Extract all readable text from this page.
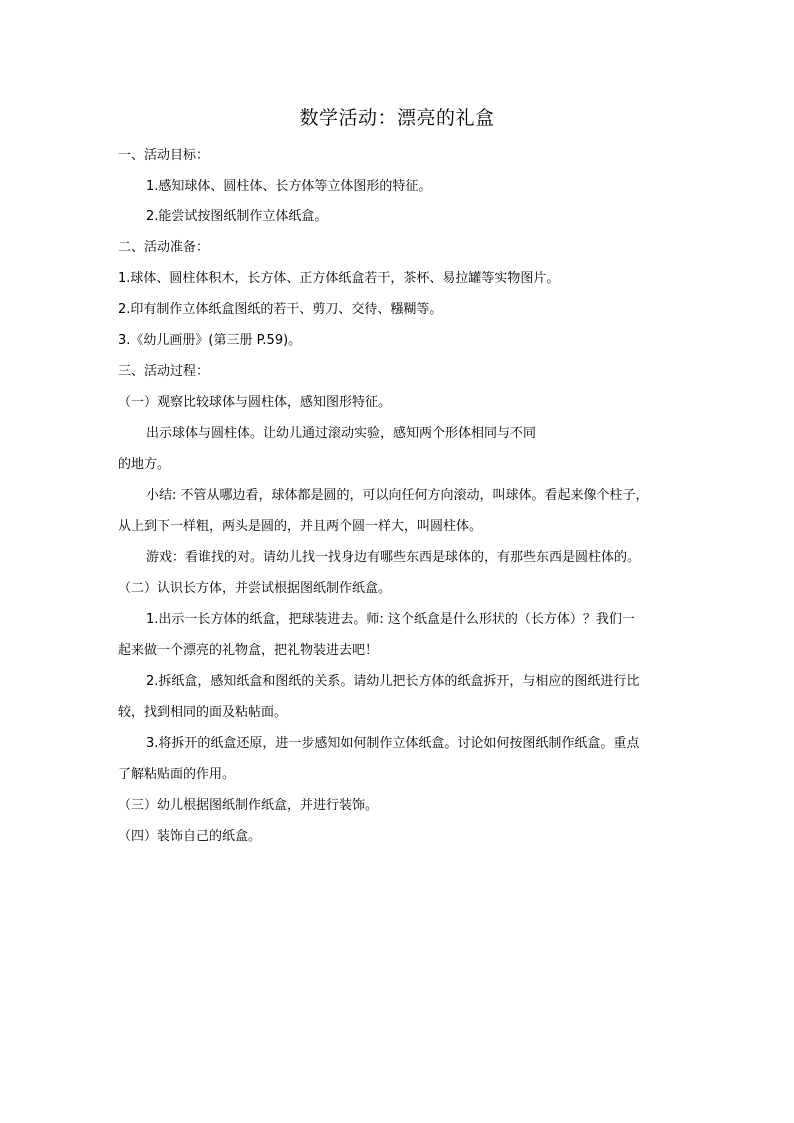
数学活动：漂亮的礼盒
一、活动目标：
1.感知球体、圆柱体、长方体等立体图形的特征。
2.能尝试按图纸制作立体纸盒。
二、活动准备：
1.球体、圆柱体积木，长方体、正方体纸盒若干，茶杯、易拉罐等实物图片。
2.印有制作立体纸盒图纸的若干、剪刀、交待、糨糊等。
3.《幼儿画册》(第三册 P.59)。
三、活动过程：
（一）观察比较球体与圆柱体，感知图形特征。
出示球体与圆柱体。让幼儿通过滚动实验，感知两个形体相同与不同
的地方。
小结: 不管从哪边看，球体都是圆的，可以向任何方向滚动，叫球体。看起来像个柱子，
从上到下一样粗，两头是圆的，并且两个圆一样大，叫圆柱体。
游戏：看谁找的对。请幼儿找一找身边有哪些东西是球体的，有那些东西是圆柱体的。
（二）认识长方体，并尝试根据图纸制作纸盒。
1.出示一长方体的纸盒，把球装进去。师: 这个纸盒是什么形状的（长方体）？我们一
起来做一个漂亮的礼物盒，把礼物装进去吧！
2.拆纸盒，感知纸盒和图纸的关系。请幼儿把长方体的纸盒拆开，与相应的图纸进行比
较，找到相同的面及粘帖面。
3.将拆开的纸盒还原，进一步感知如何制作立体纸盒。讨论如何按图纸制作纸盒。重点
了解粘贴面的作用。
（三）幼儿根据图纸制作纸盒，并进行装饰。
（四）装饰自己的纸盒。
